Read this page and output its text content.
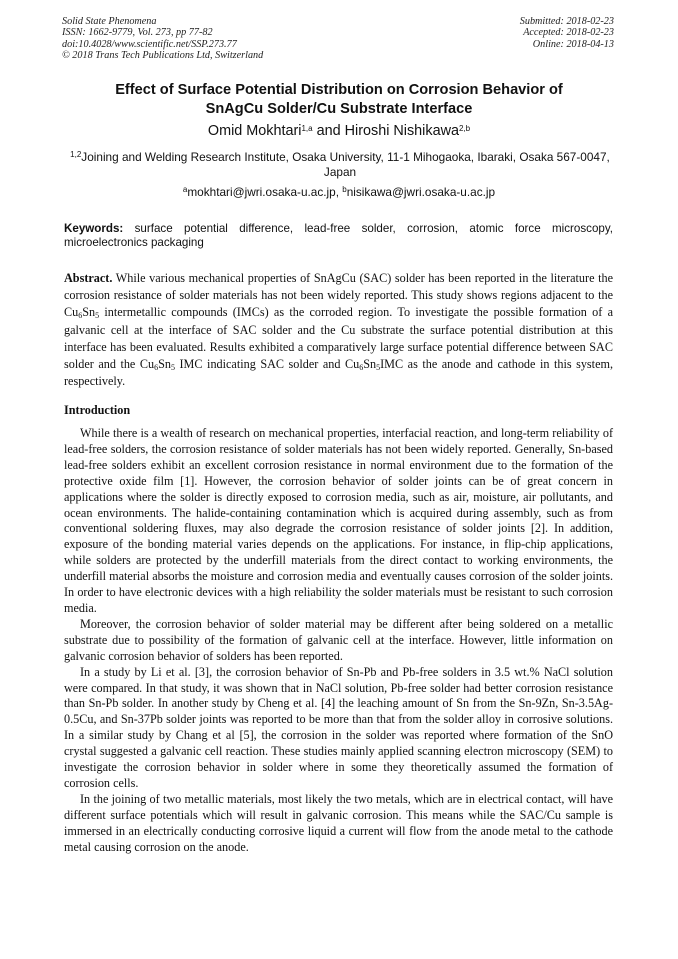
Solid State Phenomena
ISSN: 1662-9779, Vol. 273, pp 77-82
doi:10.4028/www.scientific.net/SSP.273.77
© 2018 Trans Tech Publications Ltd, Switzerland
Submitted: 2018-02-23
Accepted: 2018-02-23
Online: 2018-04-13
Effect of Surface Potential Distribution on Corrosion Behavior of
SnAgCu Solder/Cu Substrate Interface
Omid Mokhtari$^{1,a}$ and Hiroshi Nishikawa$^{2,b}$
$^{1,2}$Joining and Welding Research Institute, Osaka University, 11-1 Mihogaoka, Ibaraki, Osaka 567-0047, Japan
$^a$mokhtari@jwri.osaka-u.ac.jp, $^b$nisikawa@jwri.osaka-u.ac.jp
Keywords: surface potential difference, lead-free solder, corrosion, atomic force microscopy, microelectronics packaging
Abstract. While various mechanical properties of SnAgCu (SAC) solder has been reported in the literature the corrosion resistance of solder materials has not been widely reported. This study shows regions adjacent to the $Cu_6Sn_5$ intermetallic compounds (IMCs) as the corroded region. To investigate the possible formation of a galvanic cell at the interface of SAC solder and the Cu substrate the surface potential distribution at this interface has been evaluated. Results exhibited a comparatively large surface potential difference between SAC solder and the $Cu_6Sn_5$ IMC indicating SAC solder and $Cu_6Sn_5IMC$ as the anode and cathode in this system, respectively.
Introduction

While there is a wealth of research on mechanical properties, interfacial reaction, and long-term reliability of lead-free solders, the corrosion resistance of solder materials has not been widely reported. Generally, Sn-based lead-free solders exhibit an excellent corrosion resistance in normal environment due to the formation of the protective oxide film [1]. However, the corrosion behavior of solder joints can be of great concern in applications where the solder is directly exposed to corrosion media, such as air, moisture, air pollutants, and ocean environments. The halide-containing contamination which is acquired during assembly, such as from conventional soldering fluxes, may also degrade the corrosion resistance of solder joints [2]. In addition, exposure of the bonding material varies depends on the applications. For instance, in flip-chip applications, while solders are protected by the underfill materials from the direct contact to working environments, the underfill material absorbs the moisture and corrosion media and eventually causes corrosion of the solder joints. In order to have electronic devices with a high reliability the solder materials must be resistant to such corrosion media.

Moreover, the corrosion behavior of solder material may be different after being soldered on a metallic substrate due to possibility of the formation of galvanic cell at the interface. However, little information on galvanic corrosion behavior of solders has been reported.

In a study by Li et al. [3], the corrosion behavior of Sn-Pb and Pb-free solders in 3.5 wt.% NaCl solution were compared. In that study, it was shown that in NaCl solution, Pb-free solder had better corrosion resistance than Sn-Pb solder. In another study by Cheng et al. [4] the leaching amount of Sn from the Sn-9Zn, Sn-3.5Ag-0.5Cu, and Sn-37Pb solder joints was reported to be more than that from the solder alloy in corrosive solutions. In a similar study by Chang et al [5], the corrosion in the solder was reported where formation of the SnO crystal suggested a galvanic cell reaction. These studies mainly applied scanning electron microscopy (SEM) to investigate the corrosion behavior in solder where in some they theoretically assumed the formation of corrosion cells.

In the joining of two metallic materials, most likely the two metals, which are in electrical contact, will have different surface potentials which will result in galvanic corrosion. This means while the SAC/Cu sample is immersed in an electrically conducting corrosive liquid a current will flow from the anode metal to the cathode metal causing corrosion on the anode.
